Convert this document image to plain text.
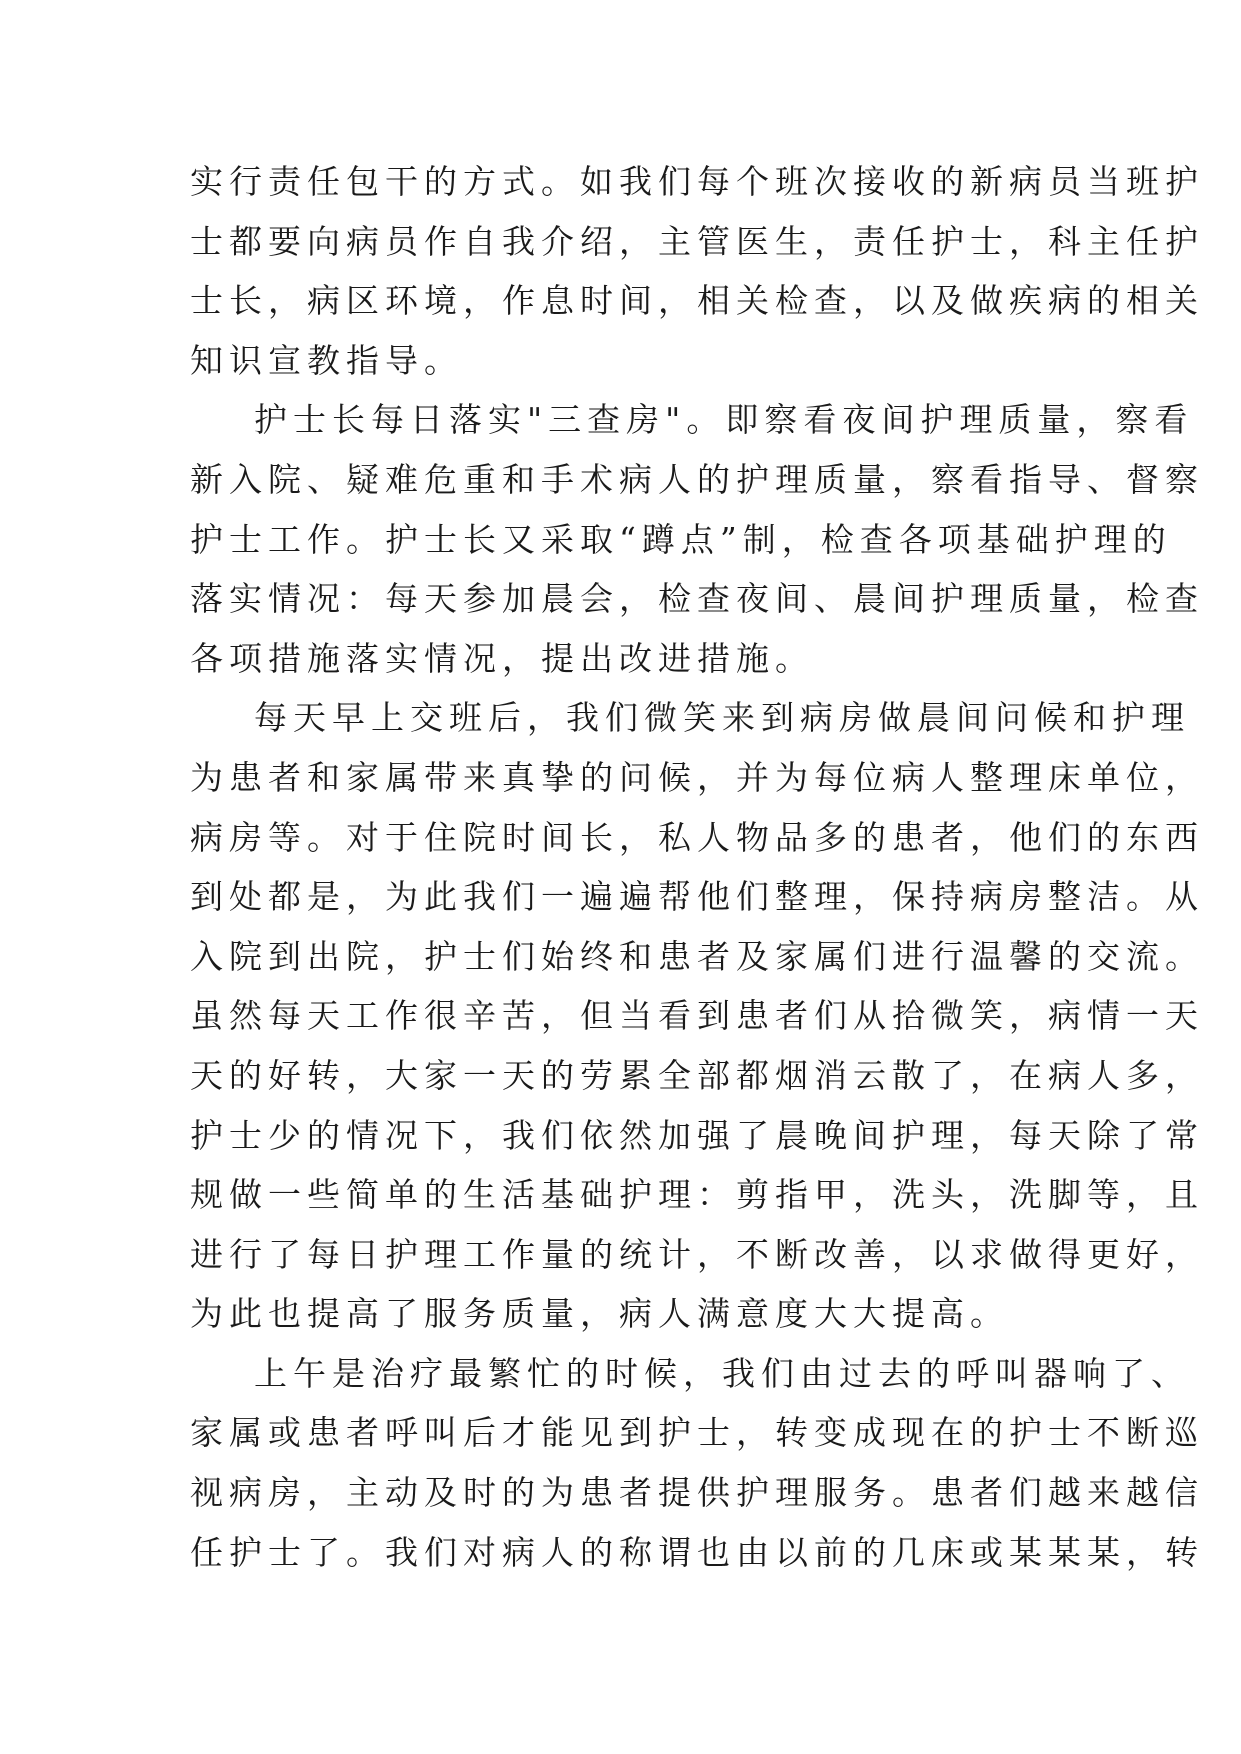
实行责任包干的方式。如我们每个班次接收的新病员当班护
士都要向病员作自我介绍，主管医生，责任护士，科主任护
士长，病区环境，作息时间，相关检查，以及做疾病的相关
知识宣教指导。
护士长每日落实"三查房"。即察看夜间护理质量，察看
新入院、疑难危重和手术病人的护理质量，察看指导、督察
护士工作。护士长又采取“蹲点”制，检查各项基础护理的
落实情况：每天参加晨会，检查夜间、晨间护理质量，检查
各项措施落实情况，提出改进措施。
每天早上交班后，我们微笑来到病房做晨间问候和护理
为患者和家属带来真挚的问候，并为每位病人整理床单位，
病房等。对于住院时间长，私人物品多的患者，他们的东西
到处都是，为此我们一遍遍帮他们整理，保持病房整洁。从
入院到出院，护士们始终和患者及家属们进行温馨的交流。
虽然每天工作很辛苦，但当看到患者们从拾微笑，病情一天
天的好转，大家一天的劳累全部都烟消云散了，在病人多，
护士少的情况下，我们依然加强了晨晚间护理，每天除了常
规做一些简单的生活基础护理：剪指甲，洗头，洗脚等，且
进行了每日护理工作量的统计，不断改善，以求做得更好，
为此也提高了服务质量，病人满意度大大提高。
上午是治疗最繁忙的时候，我们由过去的呼叫器响了、
家属或患者呼叫后才能见到护士，转变成现在的护士不断巡
视病房，主动及时的为患者提供护理服务。患者们越来越信
任护士了。我们对病人的称谓也由以前的几床或某某某，转
